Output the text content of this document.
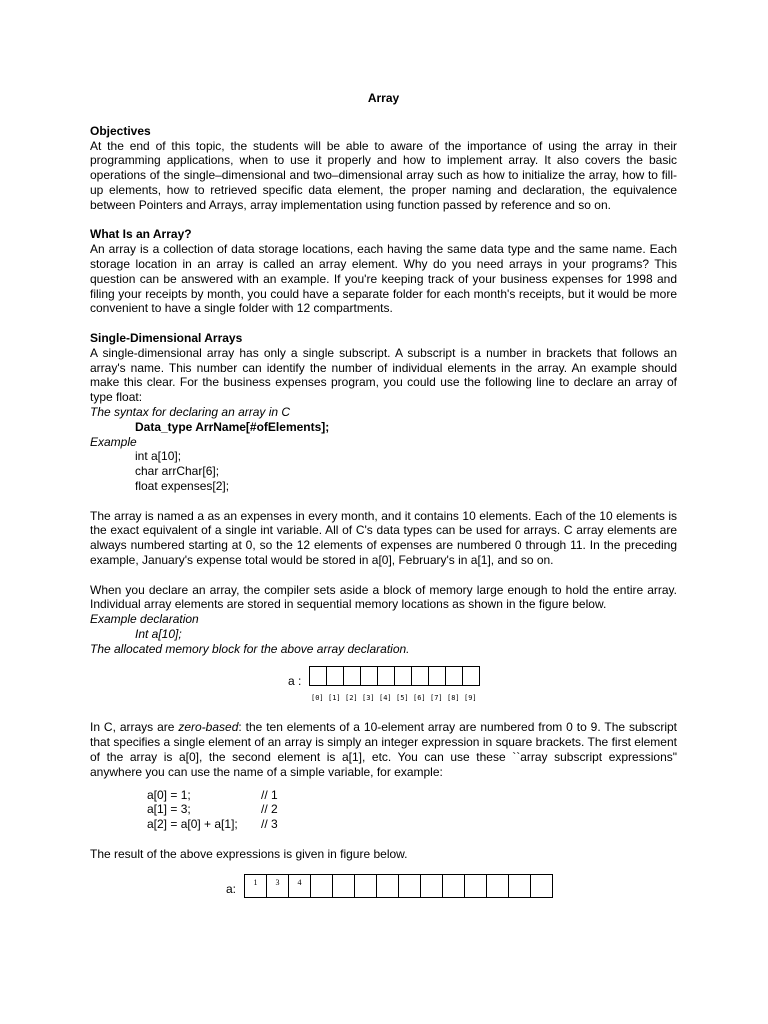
Array
Objectives

At the end of this topic, the students will be able to aware of the importance of using the array in their programming applications, when to use it properly and how to implement array. It also covers the basic operations of the single–dimensional and two–dimensional array such as how to initialize the array, how to fill-up elements, how to retrieved specific data element, the proper naming and declaration, the equivalence between Pointers and Arrays, array implementation using function passed by reference and so on.

What Is an Array?

An array is a collection of data storage locations, each having the same data type and the same name. Each storage location in an array is called an array element. Why do you need arrays in your programs? This question can be answered with an example. If you're keeping track of your business expenses for 1998 and filing your receipts by month, you could have a separate folder for each month's receipts, but it would be more convenient to have a single folder with 12 compartments.

Single-Dimensional Arrays

A single-dimensional array has only a single subscript. A subscript is a number in brackets that follows an array's name. This number can identify the number of individual elements in the array. An example should make this clear. For the business expenses program, you could use the following line to declare an array of type float:

The syntax for declaring an array in C
Data_type ArrName[#ofElements];
Example
int a[10];
char arrChar[6];
float expenses[2];

The array is named a as an expenses in every month, and it contains 10 elements. Each of the 10 elements is the exact equivalent of a single int variable. All of C's data types can be used for arrays. C array elements are always numbered starting at 0, so the 12 elements of expenses are numbered 0 through 11. In the preceding example, January's expense total would be stored in a[0], February's in a[1], and so on.

When you declare an array, the compiler sets aside a block of memory large enough to hold the entire array. Individual array elements are stored in sequential memory locations as shown in the figure below.

Example declaration
Int a[10];
The allocated memory block for the above array declaration.
a :
[0] [1] [2] [3] [4] [5] [6] [7] [8] [9]

In C, arrays are zero-based: the ten elements of a 10-element array are numbered from 0 to 9. The subscript that specifies a single element of an array is simply an integer expression in square brackets. The first element of the array is a[0], the second element is a[1], etc. You can use these ``array subscript expressions" anywhere you can use the name of a simple variable, for example:

a[0] = 1;	// 1
a[1] = 3;	// 2
a[2] = a[0] + a[1];	// 3

The result of the above expressions is given in figure below.

a:	1	3	4
